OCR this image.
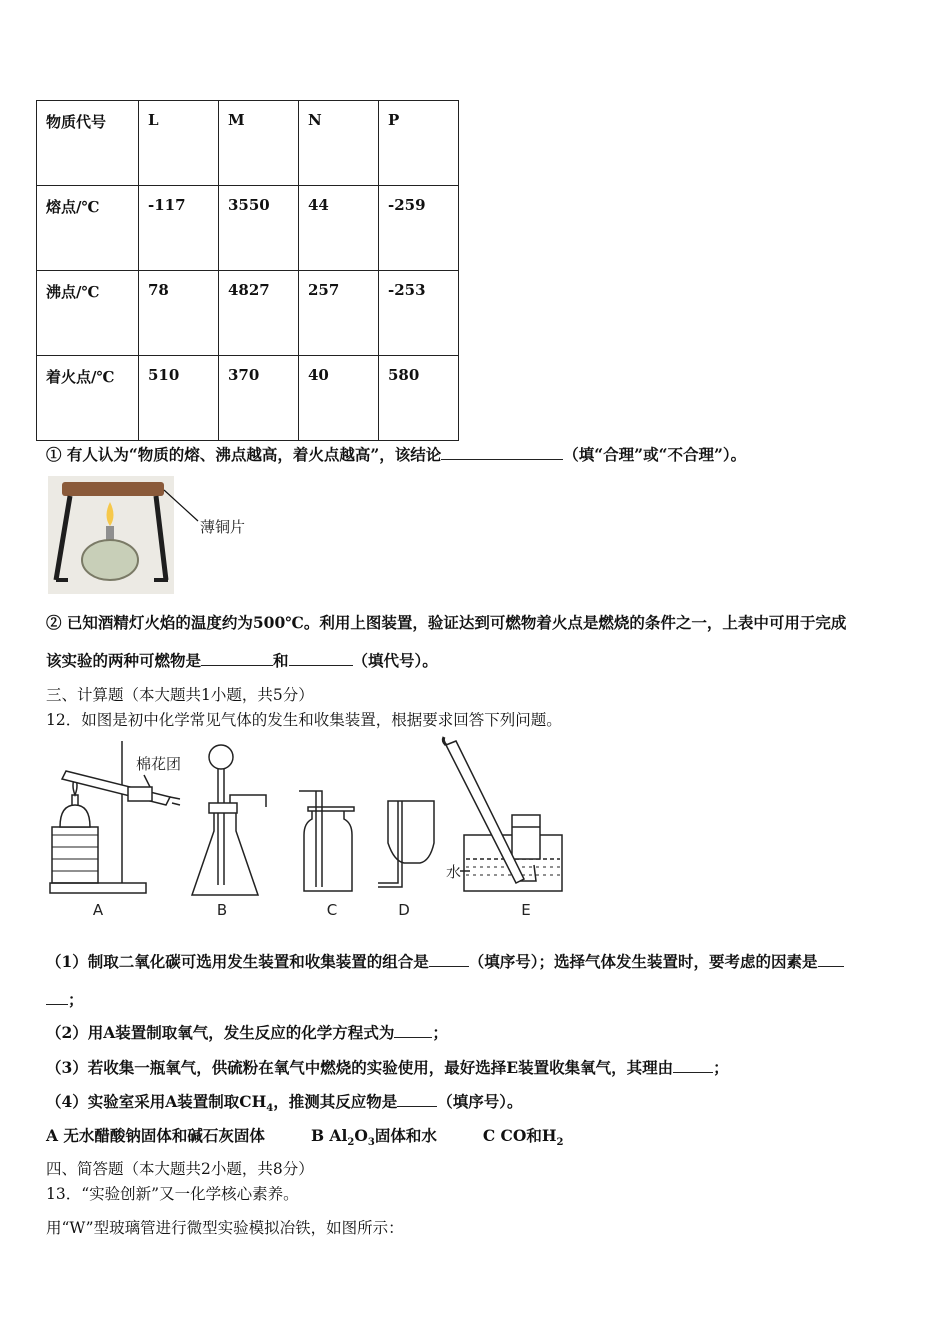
物质代号	L	M	N	P
熔点/℃	-117	3550	44	-259
沸点/℃	78	4827	257	-253
着火点/℃	510	370	40	580
① 有人认为“物质的熔、沸点越高，着火点越高”，该结论	（填“合理”或“不合理”）。
薄铜片
② 已知酒精灯火焰的温度约为500℃。利用上图装置，验证达到可燃物着火点是燃烧的条件之一，上表中可用于完成
该实验的两种可燃物是	和	（填代号）。
三、计算题（本大题共1小题，共5分）
12．如图是初中化学常见气体的发生和收集装置，根据要求回答下列问题。
棉花团
水
A	B	C	D	E
（1）制取二氧化碳可选用发生装置和收集装置的组合是	（填序号）；选择气体发生装置时，要考虑的因素是
；
（2）用A装置制取氧气，发生反应的化学方程式为 ；
（3）若收集一瓶氧气，供硫粉在氧气中燃烧的实验使用，最好选择E装置收集氧气，其理由	；
（4）实验室采用A装置制取$CH_4$，推测其反应物是	（填序号）。
A 无水醋酸钠固体和碱石灰固体	B $Al_2O_3$固体和水	C CO和$H_2$
四、简答题（本大题共2小题，共8分）
13．“实验创新”又一化学核心素养。
用“W”型玻璃管进行微型实验模拟冶铁，如图所示：
